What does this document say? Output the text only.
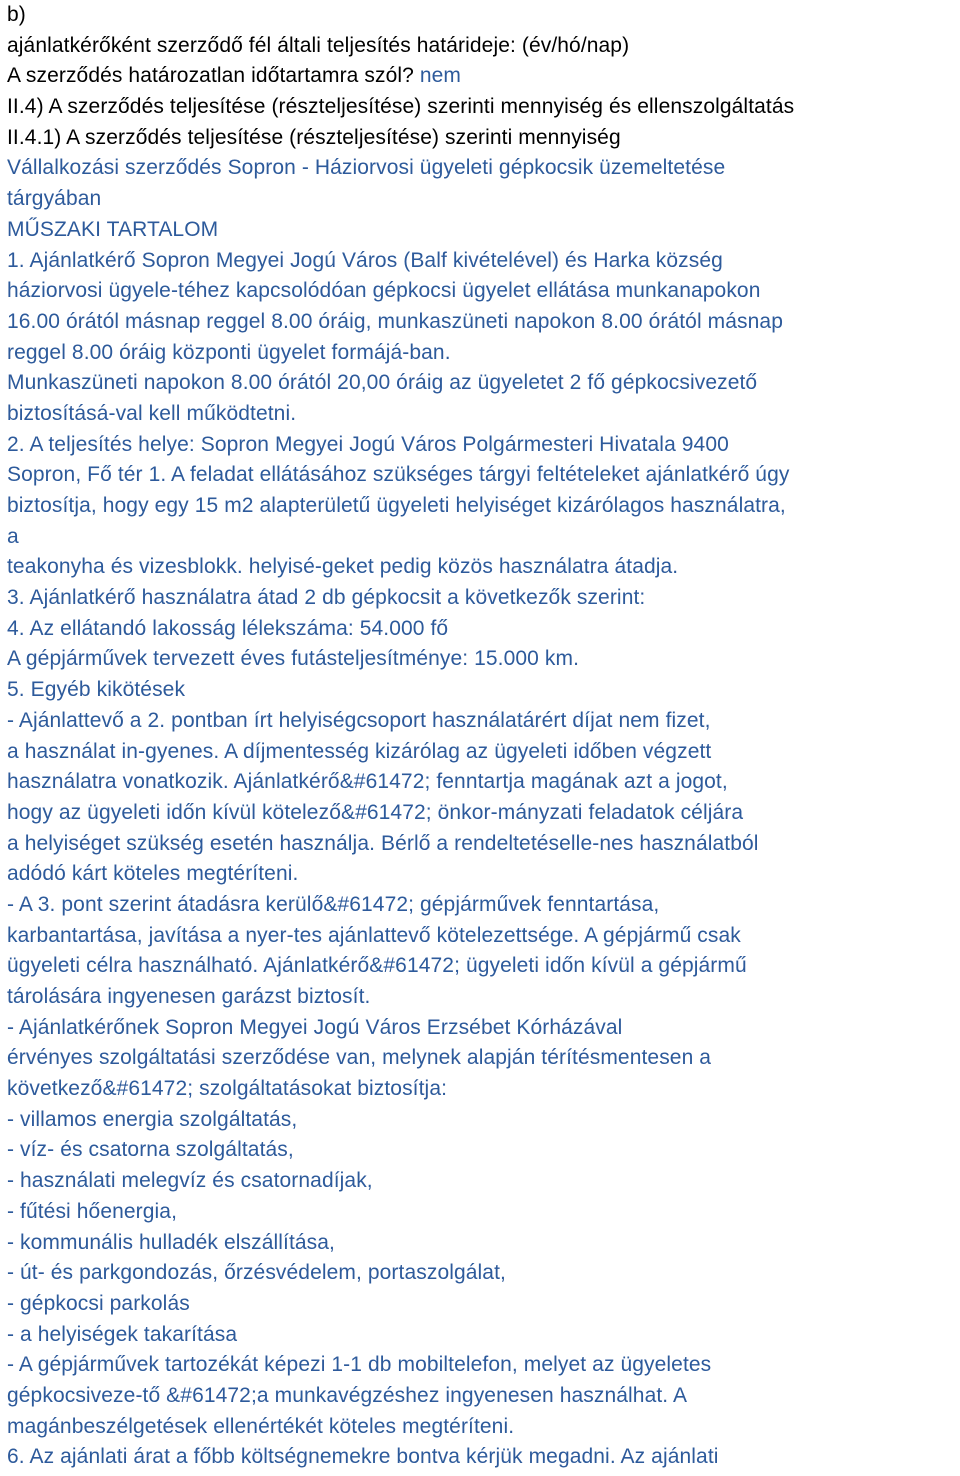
b)
ajánlatkérőként szerződő fél általi teljesítés határideje: (év/hó/nap)
A szerződés határozatlan időtartamra szól? nem
II.4) A szerződés teljesítése (részteljesítése) szerinti mennyiség és ellenszolgáltatás
II.4.1) A szerződés teljesítése (részteljesítése) szerinti mennyiség
Vállalkozási szerződés Sopron - Háziorvosi ügyeleti gépkocsik üzemeltetése
tárgyában
MŰSZAKI TARTALOM
1. Ajánlatkérő Sopron Megyei Jogú Város (Balf kivételével) és Harka község
háziorvosi ügyele-téhez kapcsolódóan gépkocsi ügyelet ellátása munkanapokon
16.00 órától másnap reggel 8.00 óráig, munkaszüneti napokon 8.00 órától másnap
reggel 8.00 óráig központi ügyelet formájá-ban.
Munkaszüneti napokon 8.00 órától 20,00 óráig az ügyeletet 2 fő gépkocsivezető
biztosításá-val kell működtetni.
2. A teljesítés helye: Sopron Megyei Jogú Város Polgármesteri Hivatala 9400
Sopron, Fő tér 1. A feladat ellátásához szükséges tárgyi feltételeket ajánlatkérő úgy
biztosítja, hogy egy 15 m2 alapterületű ügyeleti helyiséget kizárólagos használatra,
a
teakonyha és vizesblokk. helyisé-geket pedig közös használatra átadja.
3. Ajánlatkérő használatra átad 2 db gépkocsit a következők szerint:
4. Az ellátandó lakosság lélekszáma: 54.000 fő
A gépjárművek tervezett éves futásteljesítménye: 15.000 km.
5. Egyéb kikötések
- Ajánlattevő a 2. pontban írt helyiségcsoport használatárért díjat nem fizet,
a használat in-gyenes. A díjmentesség kizárólag az ügyeleti időben végzett
használatra vonatkozik. Ajánlatkérő&#61472; fenntartja magának azt a jogot,
hogy az ügyeleti időn kívül kötelező&#61472; önkor-mányzati feladatok céljára
a helyiséget szükség esetén használja. Bérlő a rendeltetéselle-nes használatból
adódó kárt köteles megtéríteni.
- A 3. pont szerint átadásra kerülő&#61472; gépjárművek fenntartása,
karbantartása, javítása a nyer-tes ajánlattevő kötelezettsége. A gépjármű csak
ügyeleti célra használható. Ajánlatkérő&#61472; ügyeleti időn kívül a gépjármű
tárolására ingyenesen garázst biztosít.
- Ajánlatkérőnek Sopron Megyei Jogú Város Erzsébet Kórházával
érvényes szolgáltatási szerződése van, melynek alapján térítésmentesen a
következő&#61472; szolgáltatásokat biztosítja:
- villamos energia szolgáltatás,
- víz- és csatorna szolgáltatás,
- használati melegvíz és csatornadíjak,
- fűtési hőenergia,
- kommunális hulladék elszállítása,
- út- és parkgondozás, őrzésvédelem, portaszolgálat,
- gépkocsi parkolás
- a helyiségek takarítása
- A gépjárművek tartozékát képezi 1-1 db mobiltelefon, melyet az ügyeletes
gépkocsiveze-tő &#61472;a munkavégzéshez ingyenesen használhat. A
magánbeszélgetések ellenértékét köteles megtéríteni.
6. Az ajánlati árat a főbb költségnemekre bontva kérjük megadni. Az ajánlati
